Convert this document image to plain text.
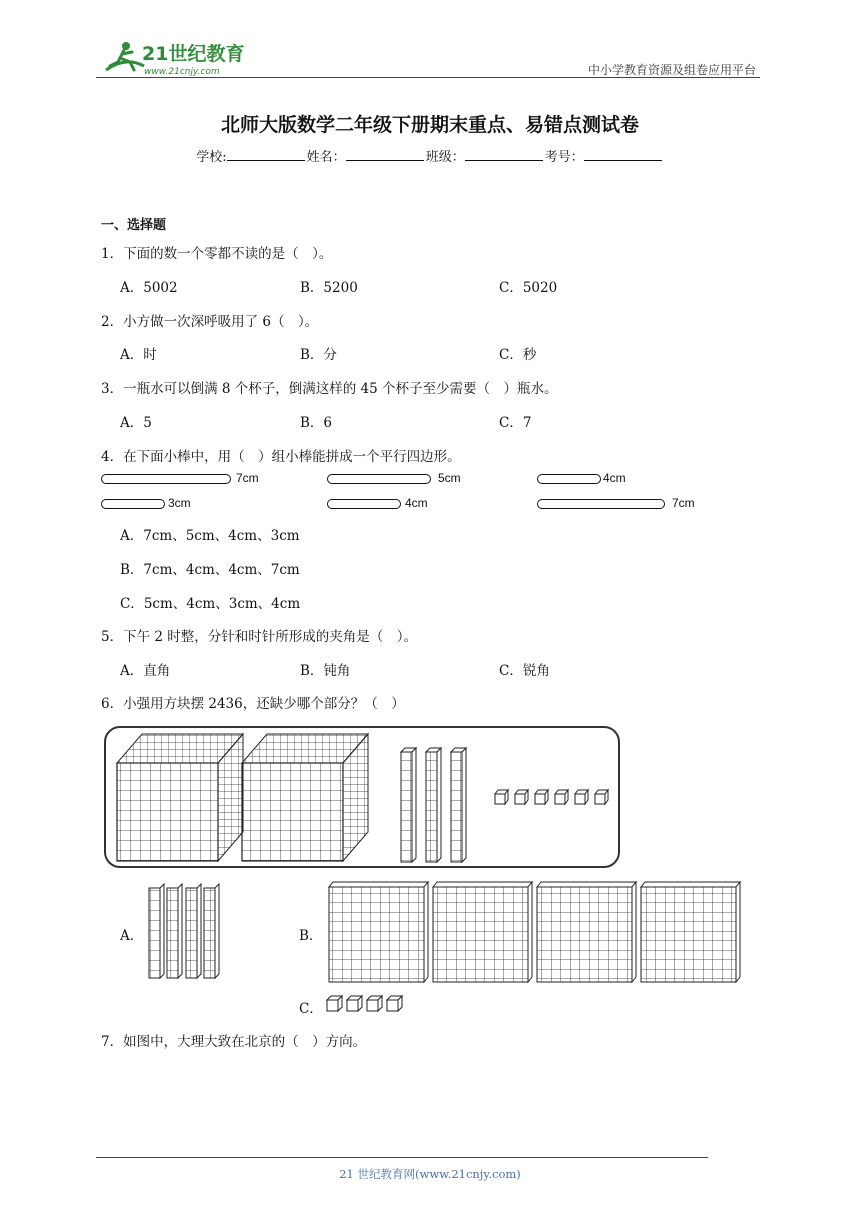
21世纪教育
www.21cnjy.com	中小学教育资源及组卷应用平台
北师大版数学二年级下册期末重点、易错点测试卷
学校:	姓名：	班级：	考号：
一、选择题
1．下面的数一个零都不读的是（　）。
A．5002	B．5200	C．5020
2．小方做一次深呼吸用了 6（　）。
A．时	B．分	C．秒
3．一瓶水可以倒满 8 个杯子，倒满这样的 45 个杯子至少需要（　）瓶水。
A．5	B．6	C．7
4．在下面小棒中，用（　）组小棒能拼成一个平行四边形。
7cm	5cm	4cm
3cm	4cm	7cm
A．7cm、5cm、4cm、3cm
B．7cm、4cm、4cm、7cm
C．5cm、4cm、3cm、4cm
5．下午 2 时整，分针和时针所形成的夹角是（　）。
A．直角	B．钝角	C．锐角
6．小强用方块摆 2436，还缺少哪个部分？（　）
A．	B．
C．
7．如图中，大理大致在北京的（　）方向。
21 世纪教育网(www.21cnjy.com)
